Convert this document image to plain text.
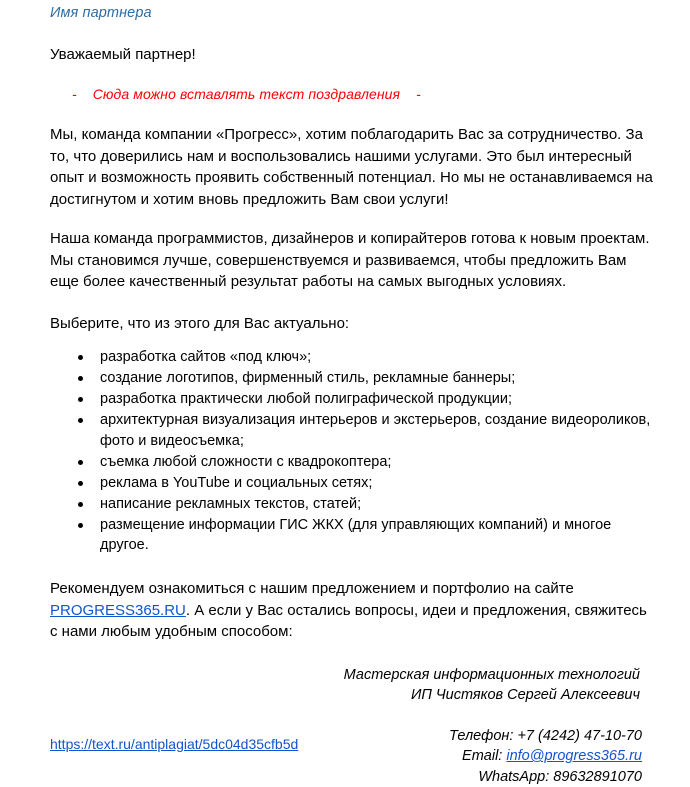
Имя партнера

Уважаемый партнер!

-    Сюда можно вставлять текст поздравления    -

Мы, команда компании «Прогресс», хотим поблагодарить Вас за сотрудничество. За то, что доверились нам и воспользовались нашими услугами. Это был интересный опыт и возможность проявить собственный потенциал. Но мы не останавливаемся на достигнутом и хотим вновь предложить Вам свои услуги!

Наша команда программистов, дизайнеров и копирайтеров готова к новым проектам. Мы становимся лучше, совершенствуемся и развиваемся, чтобы предложить Вам еще более качественный результат работы на самых выгодных условиях.

Выберите, что из этого для Вас актуально:

разработка сайтов «под ключ»;
создание логотипов, фирменный стиль, рекламные баннеры;
разработка практически любой полиграфической продукции;
архитектурная визуализация интерьеров и экстерьеров, создание видеороликов, фото и видеосъемка;
съемка любой сложности с квадрокоптера;
реклама в YouTube и социальных сетях;
написание рекламных текстов, статей;
размещение информации ГИС ЖКХ (для управляющих компаний) и многое другое.

Рекомендуем ознакомиться с нашим предложением и портфолио на сайте PROGRESS365.RU. А если у Вас остались вопросы, идеи и предложения, свяжитесь с нами любым удобным способом:

Мастерская информационных технологий
ИП Чистяков Сергей Алексеевич
Телефон: +7 (4242) 47-10-70
Email: info@progress365.ru
WhatsApp: 89632891070
https://text.ru/antiplagiat/5dc04d35cfb5d
